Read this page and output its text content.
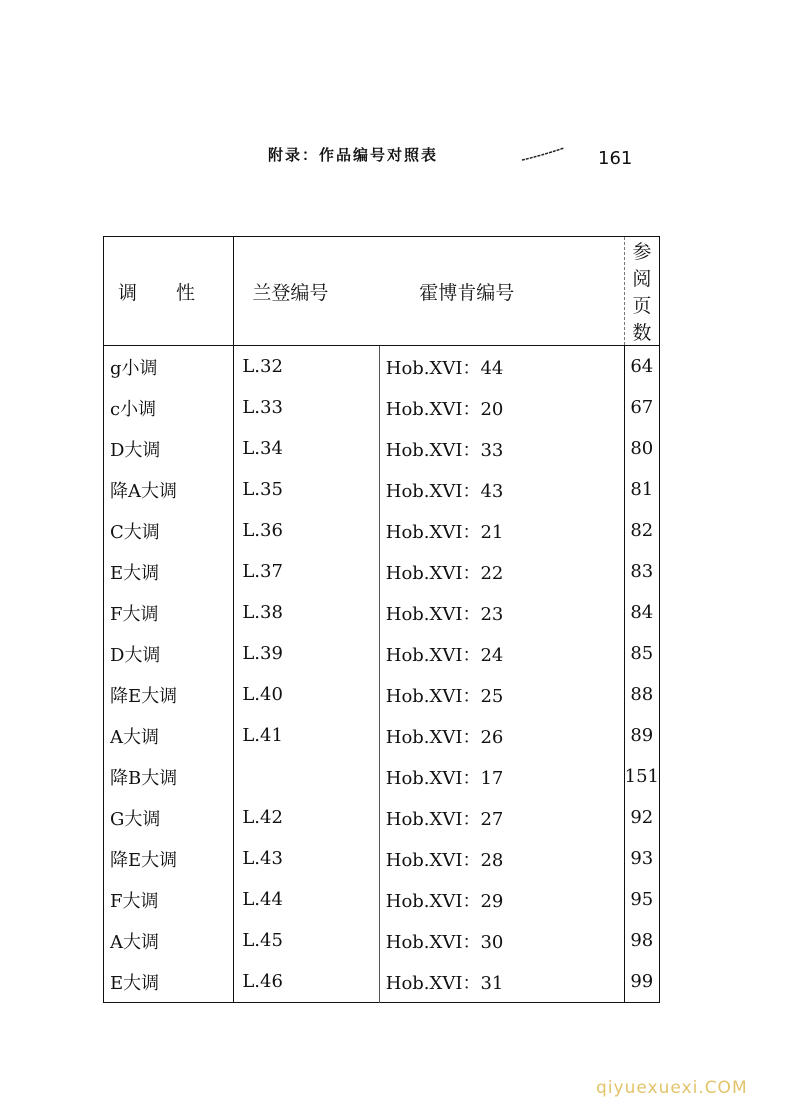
附录：作品编号对照表	161
调　性	兰登编号	霍博肯编号	参阅页数
g小调	L.32	Hob.XVⅠ：44	64
c小调	L.33	Hob.XVⅠ：20	67
D大调	L.34	Hob.XVⅠ：33	80
降A大调	L.35	Hob.XVⅠ：43	81
C大调	L.36	Hob.XVⅠ：21	82
E大调	L.37	Hob.XVⅠ：22	83
F大调	L.38	Hob.XVⅠ：23	84
D大调	L.39	Hob.XVⅠ：24	85
降E大调	L.40	Hob.XVⅠ：25	88
A大调	L.41	Hob.XVⅠ：26	89
降B大调		Hob.XVⅠ：17	151
G大调	L.42	Hob.XVⅠ：27	92
降E大调	L.43	Hob.XVⅠ：28	93
F大调	L.44	Hob.XVⅠ：29	95
A大调	L.45	Hob.XVⅠ：30	98
E大调	L.46	Hob.XVⅠ：31	99
qiyuexuexi.COM
